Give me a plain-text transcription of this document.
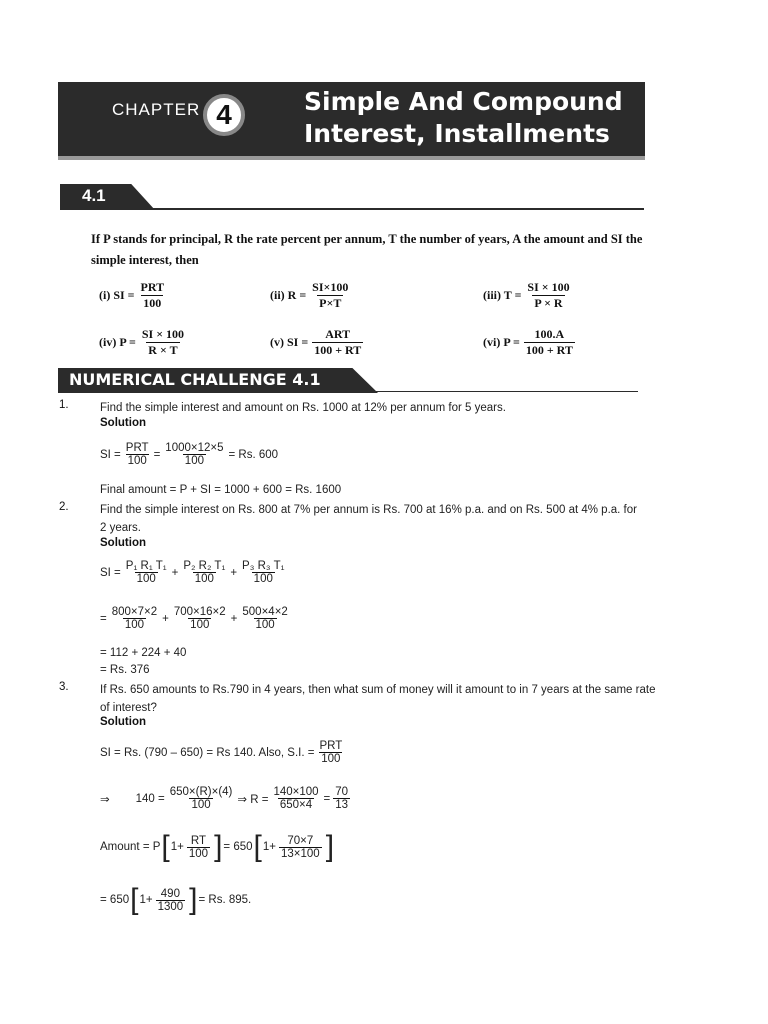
CHAPTER 4	Simple And Compound
Interest, Installments
4.1
If P stands for principal, R the rate percent per annum, T the number of years, A the amount and SI the simple interest, then
(i) SI = $\frac{\text{PRT}}{100}$	(ii) $R = \frac{SI\times 100}{P\times T}$	(iii) $T = \frac{SI \times 100}{P \times R}$
(iv) $P = \frac{SI \times 100}{R \times T}$	(v) SI = $\frac{\text{ART}}{100 + RT}$	(vi) $P = \frac{100.A}{100 + RT}$
NUMERICAL CHALLENGE 4.1
1.	Find the simple interest and amount on Rs. 1000 at 12% per annum for 5 years.
Solution
SI = $\frac{\text{PRT}}{100} = \frac{1000\times 12\times 5}{100} = Rs$. 600
Final amount = P + SI = 1000 + 600 = Rs. 1600
2.	Find the simple interest on Rs. 800 at 7% per annum is Rs. 700 at 16% p.a. and on Rs. 500 at 4% p.a. for
2 years.
Solution
SI = $\frac{\text{P₁ R₁ T₁}}{100} + \frac{\text{P₂ R₂ T₁}}{100} + \frac{\text{P₃ R₃ T₁}}{100}$
= $\frac{800\times 7\times 2}{100} + \frac{700\times 16\times 2}{100} + \frac{500\times 4\times 2}{100}$
= 112 + 224 + 40
= Rs. 376
3.	If Rs. 650 amounts to Rs.790 in 4 years, then what sum of money will it amount to in 7 years at the same rate
of interest?
Solution
SI = Rs. (790 – 650) = Rs 140. Also, S.I. = $\frac{\text{PRT}}{100}$
⇒ $140 = \frac{650\times(R)\times(4)}{100}$ ⇒ $R = \frac{140\times 100}{650\times 4} = \frac{70}{13}$
Amount =
P [ $1+ \frac{RT}{100}$ ] = 650 [ $1+ \frac{70\times 7}{13\times 100}$ ]
=
650 [ $1+ \frac{490}{1300}$ ] = Rs. 895.
